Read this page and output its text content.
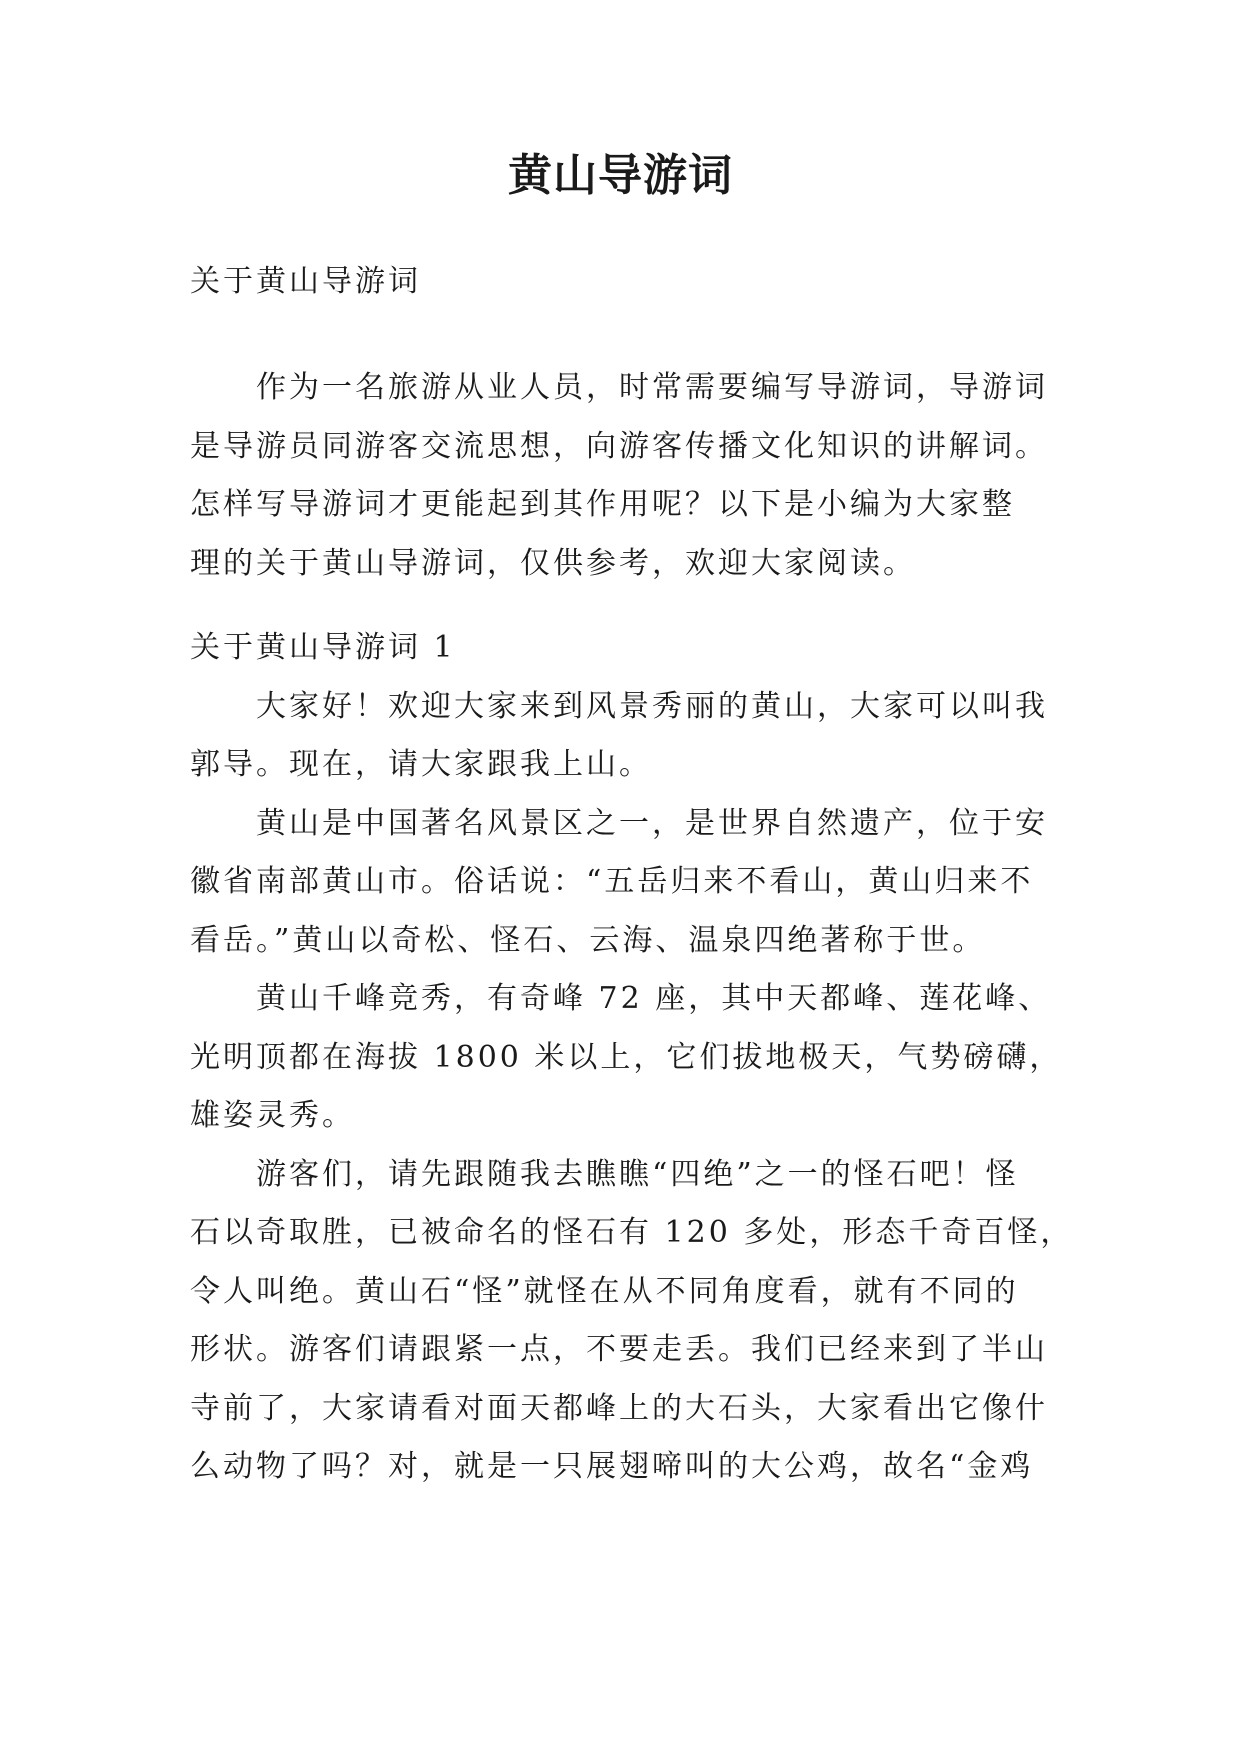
黄山导游词
关于黄山导游词
作为一名旅游从业人员，时常需要编写导游词，导游词
是导游员同游客交流思想，向游客传播文化知识的讲解词。
怎样写导游词才更能起到其作用呢？以下是小编为大家整
理的关于黄山导游词，仅供参考，欢迎大家阅读。
关于黄山导游词 1
大家好！欢迎大家来到风景秀丽的黄山，大家可以叫我
郭导。现在，请大家跟我上山。
黄山是中国著名风景区之一，是世界自然遗产，位于安
徽省南部黄山市。俗话说：“五岳归来不看山，黄山归来不
看岳。”黄山以奇松、怪石、云海、温泉四绝著称于世。
黄山千峰竞秀，有奇峰 72 座，其中天都峰、莲花峰、
光明顶都在海拔 1800 米以上，它们拔地极天，气势磅礴，
雄姿灵秀。
游客们，请先跟随我去瞧瞧“四绝”之一的怪石吧！怪
石以奇取胜，已被命名的怪石有 120 多处，形态千奇百怪，
令人叫绝。黄山石“怪”就怪在从不同角度看，就有不同的
形状。游客们请跟紧一点，不要走丢。我们已经来到了半山
寺前了，大家请看对面天都峰上的大石头，大家看出它像什
么动物了吗？对，就是一只展翅啼叫的大公鸡，故名“金鸡
